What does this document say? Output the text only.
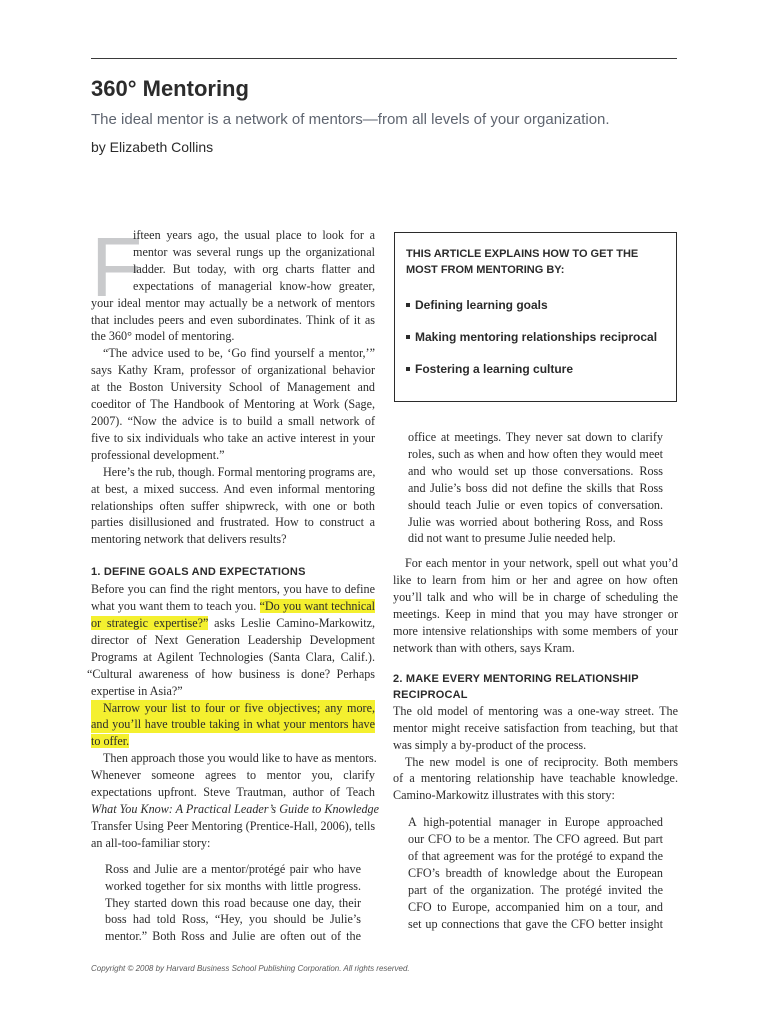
360° Mentoring

The ideal mentor is a network of mentors—from all levels of your organization.

by Elizabeth Collins

F
ifteen years ago, the usual place to look for a
mentor was several rungs up the organizational
ladder. But today, with org charts flatter and
expectations of managerial know-how greater,
your ideal mentor may actually be a network of mentors
that includes peers and even subordinates. Think of it as
the 360° model of mentoring.
“The advice used to be, ‘Go find yourself a mentor,’”
says Kathy Kram, professor of organizational behavior
at the Boston University School of Management and
coeditor of The Handbook of Mentoring at Work (Sage,
2007). “Now the advice is to build a small network of
five to six individuals who take an active interest in your
professional development.”
Here’s the rub, though. Formal mentoring programs are,
at best, a mixed success. And even informal mentoring
relationships often suffer shipwreck, with one or both
parties disillusioned and frustrated. How to construct a
mentoring network that delivers results?
1. DEFINE GOALS AND EXPECTATIONS
Before you can find the right mentors, you have to define
what you want them to teach you. “Do you want technical
or strategic expertise?” asks Leslie Camino-Markowitz,
director of Next Generation Leadership Development
Programs at Agilent Technologies (Santa Clara, Calif.).
“Cultural awareness of how business is done? Perhaps
expertise in Asia?”
Narrow your list to four or five objectives; any more,
and you’ll have trouble taking in what your mentors have
to offer.
Then approach those you would like to have as mentors.
Whenever someone agrees to mentor you, clarify
expectations upfront. Steve Trautman, author of Teach
What You Know: A Practical Leader’s Guide to Knowledge
Transfer Using Peer Mentoring (Prentice-Hall, 2006), tells
an all-too-familiar story:
Ross and Julie are a mentor/protégé pair who have
worked together for six months with little progress.
They started down this road because one day, their
boss had told Ross, “Hey, you should be Julie’s
mentor.” Both Ross and Julie are often out of the
THIS ARTICLE EXPLAINS HOW TO GET THE MOST FROM MENTORING BY:
Defining learning goals
Making mentoring relationships reciprocal
Fostering a learning culture
office at meetings. They never sat down to clarify
roles, such as when and how often they would meet
and who would set up those conversations. Ross
and Julie’s boss did not define the skills that Ross
should teach Julie or even topics of conversation.
Julie was worried about bothering Ross, and Ross
did not want to presume Julie needed help.
For each mentor in your network, spell out what you’d
like to learn from him or her and agree on how often
you’ll talk and who will be in charge of scheduling the
meetings. Keep in mind that you may have stronger or
more intensive relationships with some members of your
network than with others, says Kram.
2. MAKE EVERY MENTORING RELATIONSHIP
RECIPROCAL
The old model of mentoring was a one-way street. The
mentor might receive satisfaction from teaching, but that
was simply a by-product of the process.
The new model is one of reciprocity. Both members
of a mentoring relationship have teachable knowledge.
Camino-Markowitz illustrates with this story:
A high-potential manager in Europe approached
our CFO to be a mentor. The CFO agreed. But part
of that agreement was for the protégé to expand the
CFO’s breadth of knowledge about the European
part of the organization. The protégé invited the
CFO to Europe, accompanied him on a tour, and
set up connections that gave the CFO better insight
Copyright © 2008 by Harvard Business School Publishing Corporation. All rights reserved.
